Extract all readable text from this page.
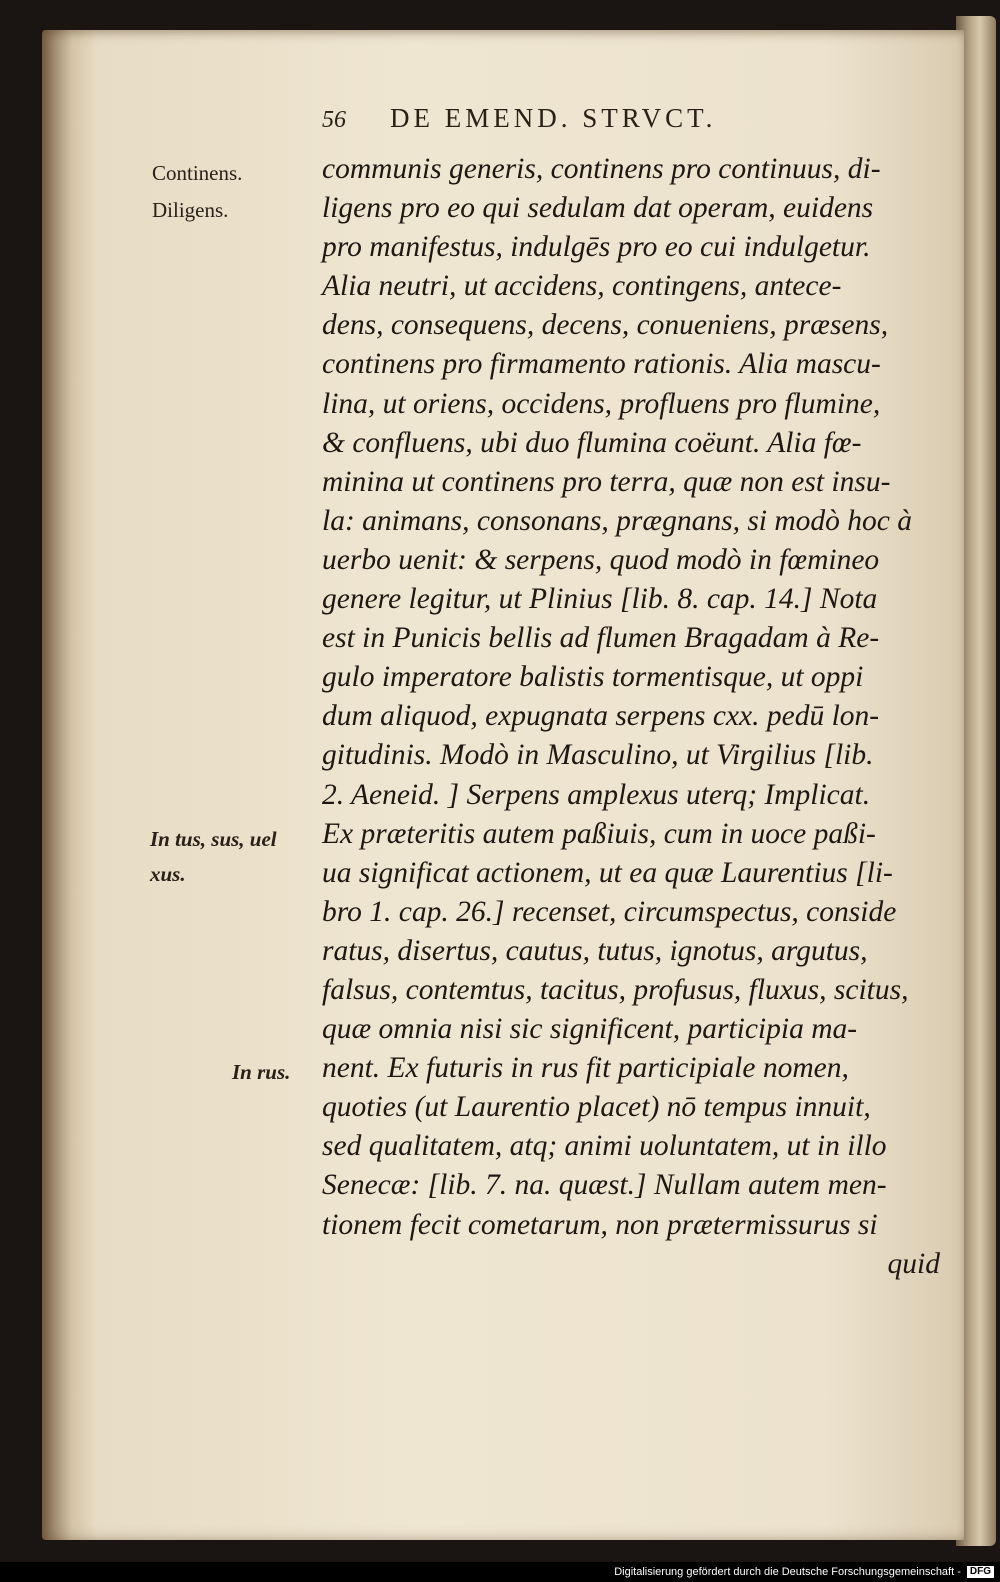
56 DE EMEND. STRVCT.
Continens.
Diligens.
In tus, sus, uel
xus.
In rus.
communis generis, continens pro continuus, di-
ligens pro eo qui sedulam dat operam, euidens
pro manifestus, indulgēs pro eo cui indulgetur.
Alia neutri, ut accidens, contingens, antece-
dens, consequens, decens, conueniens, præsens,
continens pro firmamento rationis. Alia mascu-
lina, ut oriens, occidens, profluens pro flumine,
& confluens, ubi duo flumina coëunt. Alia fœ-
minina ut continens pro terra, quæ non est insu-
la: animans, consonans, prægnans, si modò hoc à
uerbo uenit: & serpens, quod modò in fœmineo
genere legitur, ut Plinius [lib. 8. cap. 14.] Nota
est in Punicis bellis ad flumen Bragadam à Re-
gulo imperatore balistis tormentisque, ut oppi
dum aliquod, expugnata serpens cxx. pedū lon-
gitudinis. Modò in Masculino, ut Virgilius [lib.
2. Aeneid. ] Serpens amplexus uterq; Implicat.
Ex præteritis autem paßiuis, cum in uoce paßi-
ua significat actionem, ut ea quæ Laurentius [li-
bro 1. cap. 26.] recenset, circumspectus, conside
ratus, disertus, cautus, tutus, ignotus, argutus,
falsus, contemtus, tacitus, profusus, fluxus, scitus,
quæ omnia nisi sic significent, participia ma-
nent. Ex futuris in rus fit participiale nomen,
quoties (ut Laurentio placet) nō tempus innuit,
sed qualitatem, atq; animi uoluntatem, ut in illo
Senecæ: [lib. 7. na. quæst.] Nullam autem men-
tionem fecit cometarum, non prætermissurus si
quid
Digitalisierung gefördert durch die Deutsche Forschungsgemeinschaft - DFG
